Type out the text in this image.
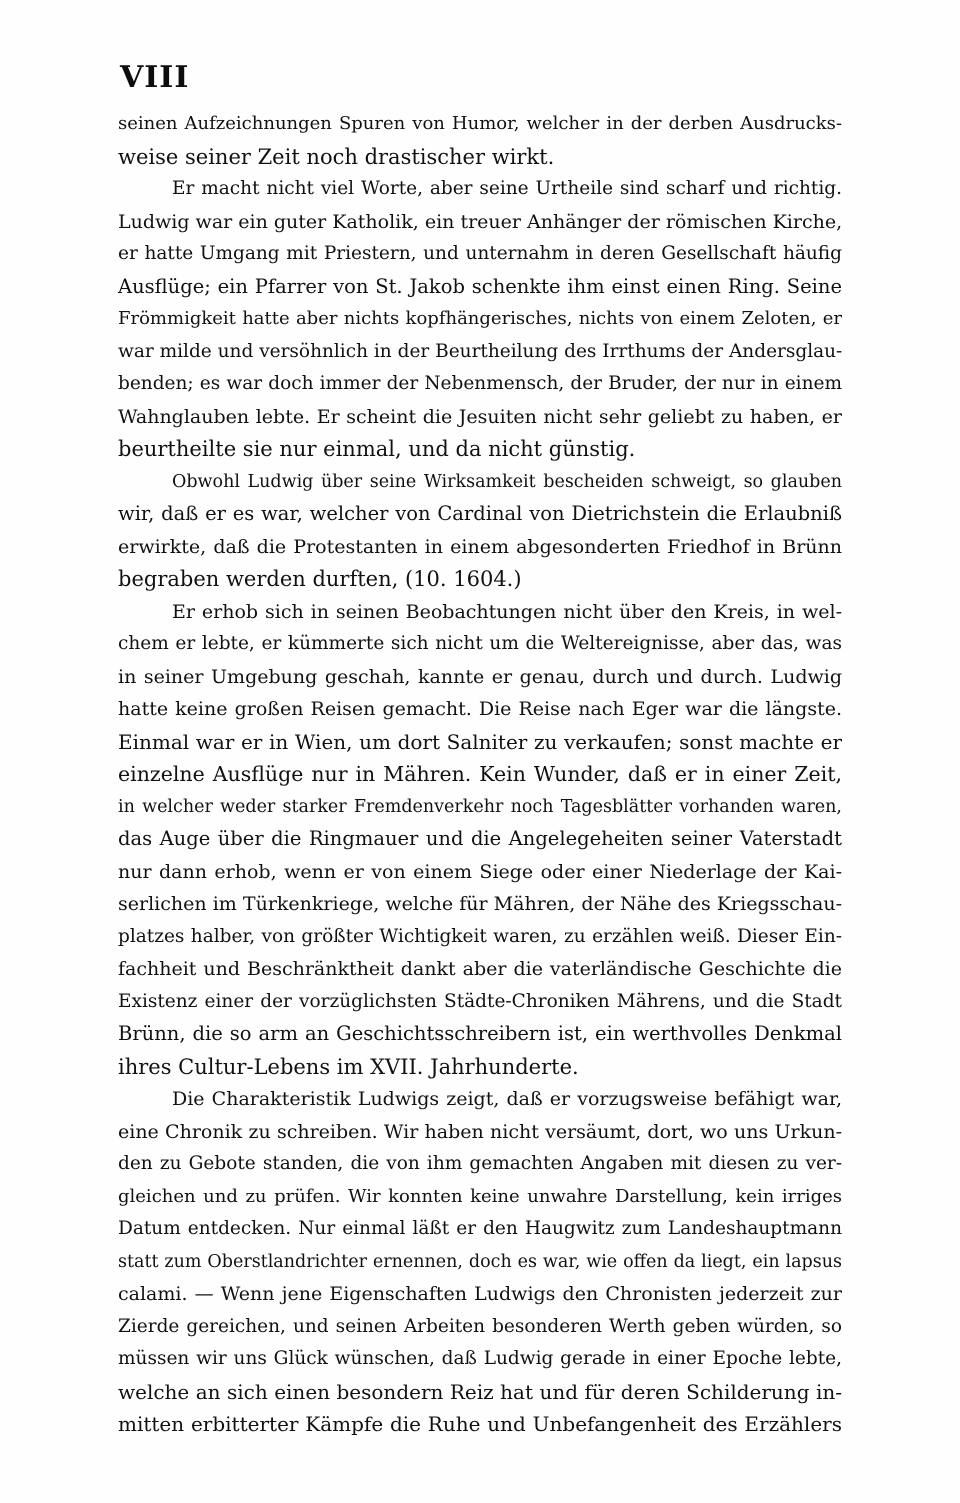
VIII
seinen Aufzeichnungen Spuren von Humor, welcher in der derben Ausdrucks-
weise seiner Zeit noch drastischer wirkt.
Er macht nicht viel Worte, aber seine Urtheile sind scharf und richtig.
Ludwig war ein guter Katholik, ein treuer Anhänger der römischen Kirche,
er hatte Umgang mit Priestern, und unternahm in deren Gesellschaft häufig
Ausflüge; ein Pfarrer von St. Jakob schenkte ihm einst einen Ring. Seine
Frömmigkeit hatte aber nichts kopfhängerisches, nichts von einem Zeloten, er
war milde und versöhnlich in der Beurtheilung des Irrthums der Andersglau-
benden; es war doch immer der Nebenmensch, der Bruder, der nur in einem
Wahnglauben lebte. Er scheint die Jesuiten nicht sehr geliebt zu haben, er
beurtheilte sie nur einmal, und da nicht günstig.
Obwohl Ludwig über seine Wirksamkeit bescheiden schweigt, so glauben
wir, daß er es war, welcher von Cardinal von Dietrichstein die Erlaubniß
erwirkte, daß die Protestanten in einem abgesonderten Friedhof in Brünn
begraben werden durften, (10. 1604.)
Er erhob sich in seinen Beobachtungen nicht über den Kreis, in wel-
chem er lebte, er kümmerte sich nicht um die Weltereignisse, aber das, was
in seiner Umgebung geschah, kannte er genau, durch und durch. Ludwig
hatte keine großen Reisen gemacht. Die Reise nach Eger war die längste.
Einmal war er in Wien, um dort Salniter zu verkaufen; sonst machte er
einzelne Ausflüge nur in Mähren. Kein Wunder, daß er in einer Zeit,
in welcher weder starker Fremdenverkehr noch Tagesblätter vorhanden waren,
das Auge über die Ringmauer und die Angelegeheiten seiner Vaterstadt
nur dann erhob, wenn er von einem Siege oder einer Niederlage der Kai-
serlichen im Türkenkriege, welche für Mähren, der Nähe des Kriegsschau-
platzes halber, von größter Wichtigkeit waren, zu erzählen weiß. Dieser Ein-
fachheit und Beschränktheit dankt aber die vaterländische Geschichte die
Existenz einer der vorzüglichsten Städte-Chroniken Mährens, und die Stadt
Brünn, die so arm an Geschichtsschreibern ist, ein werthvolles Denkmal
ihres Cultur-Lebens im XVII. Jahrhunderte.
Die Charakteristik Ludwigs zeigt, daß er vorzugsweise befähigt war,
eine Chronik zu schreiben. Wir haben nicht versäumt, dort, wo uns Urkun-
den zu Gebote standen, die von ihm gemachten Angaben mit diesen zu ver-
gleichen und zu prüfen. Wir konnten keine unwahre Darstellung, kein irriges
Datum entdecken. Nur einmal läßt er den Haugwitz zum Landeshauptmann
statt zum Oberstlandrichter ernennen, doch es war, wie offen da liegt, ein lapsus
calami. — Wenn jene Eigenschaften Ludwigs den Chronisten jederzeit zur
Zierde gereichen, und seinen Arbeiten besonderen Werth geben würden, so
müssen wir uns Glück wünschen, daß Ludwig gerade in einer Epoche lebte,
welche an sich einen besondern Reiz hat und für deren Schilderung in-
mitten erbitterter Kämpfe die Ruhe und Unbefangenheit des Erzählers
